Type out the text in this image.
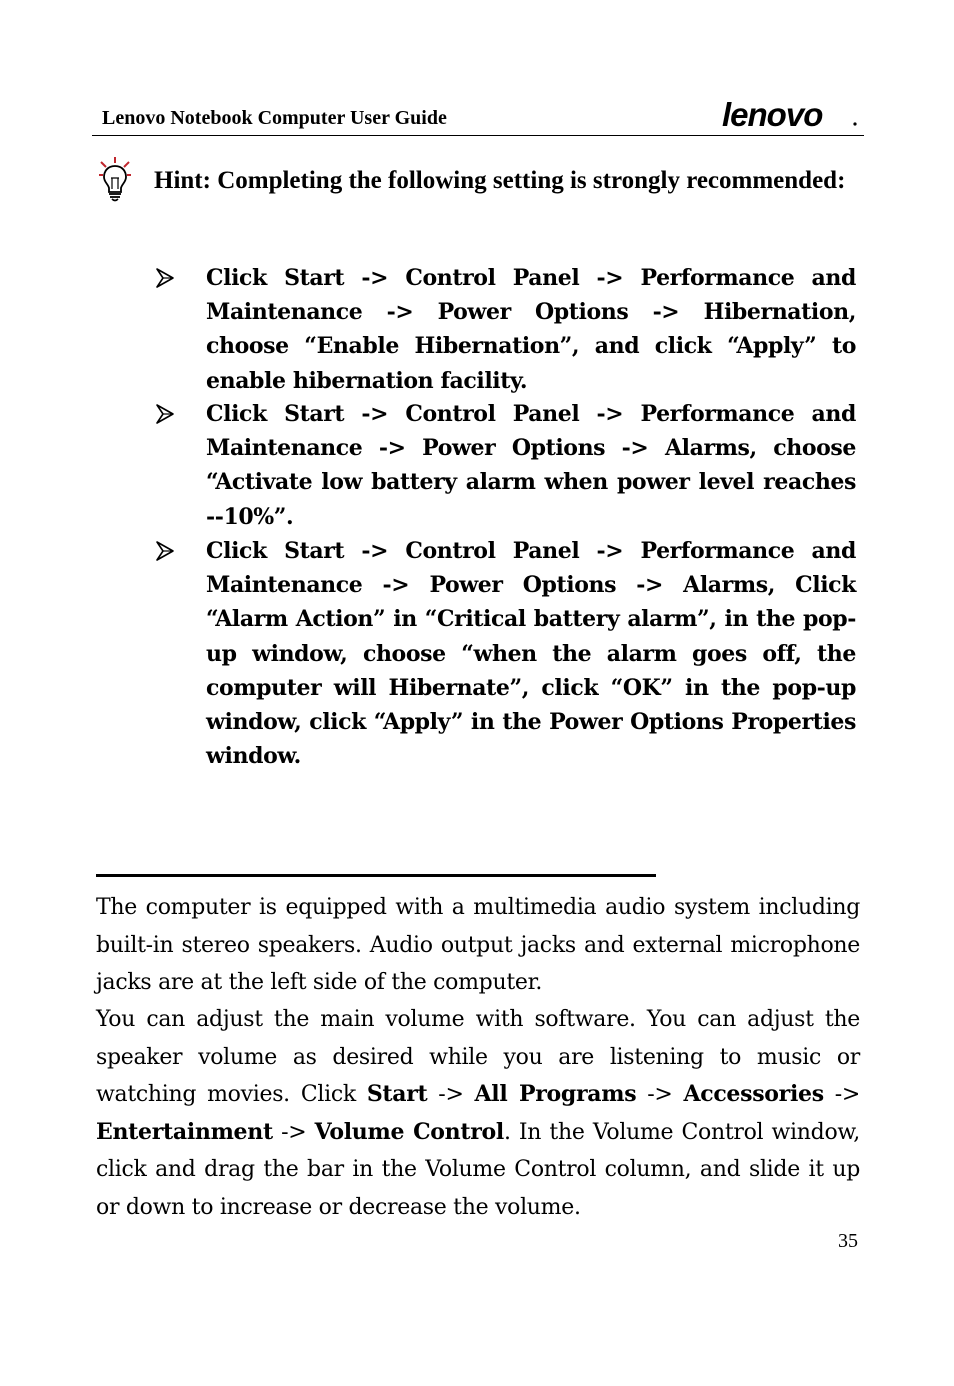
Lenovo Notebook Computer User Guide	lenovo
Hint: Completing the following setting is strongly recommended:
Click Start -> Control Panel -> Performance and Maintenance -> Power Options -> Hibernation, choose “Enable Hibernation”, and click “Apply” to enable hibernation facility.
Click Start -> Control Panel -> Performance and Maintenance -> Power Options -> Alarms, choose “Activate low battery alarm when power level reaches --10%”.
Click Start -> Control Panel -> Performance and Maintenance -> Power Options -> Alarms, Click “Alarm Action” in “Critical battery alarm”, in the pop-up window, choose “when the alarm goes off, the computer will Hibernate”, click “OK” in the pop-up window, click “Apply” in the Power Options Properties window.
The computer is equipped with a multimedia audio system including built-in stereo speakers. Audio output jacks and external microphone jacks are at the left side of the computer.
You can adjust the main volume with software. You can adjust the speaker volume as desired while you are listening to music or watching movies. Click Start -> All Programs -> Accessories -> Entertainment -> Volume Control. In the Volume Control window, click and drag the bar in the Volume Control column, and slide it up or down to increase or decrease the volume.
35
